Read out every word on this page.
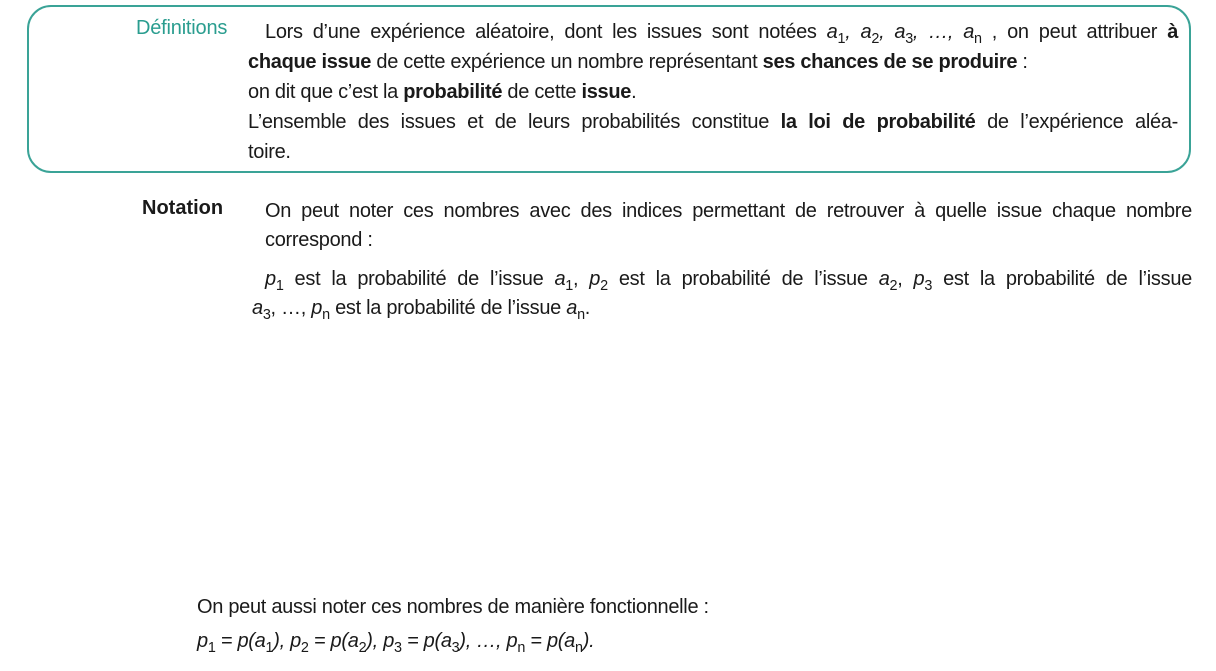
Définitions Lors d’une expérience aléatoire, dont les issues sont notées $a_1$, $a_2$, $a_3$, …, $a_n$ , on peut attribuer à

chaque issue de cette expérience un nombre représentant ses chances de se produire :

on dit que c’est la probabilité de cette issue.

L’ensemble des issues et de leurs probabilités constitue la loi de probabilité de l’expérience aléa-

toire.

Notation On peut noter ces nombres avec des indices permettant de retrouver à quelle issue chaque nombre

correspond :

$p_1$ est la probabilité de l’issue $a_1$, $p_2$ est la probabilité de l’issue $a_2$, $p_3$ est la probabilité de l’issue

$a_3$, …, $p_n$ est la probabilité de l’issue $a_n$.

On peut aussi noter ces nombres de manière fonctionnelle :

$p_1 = p(a_1)$, $p_2 = p(a_2)$, $p_3 = p(a_3)$, …, $p_n = p(a_n)$.
